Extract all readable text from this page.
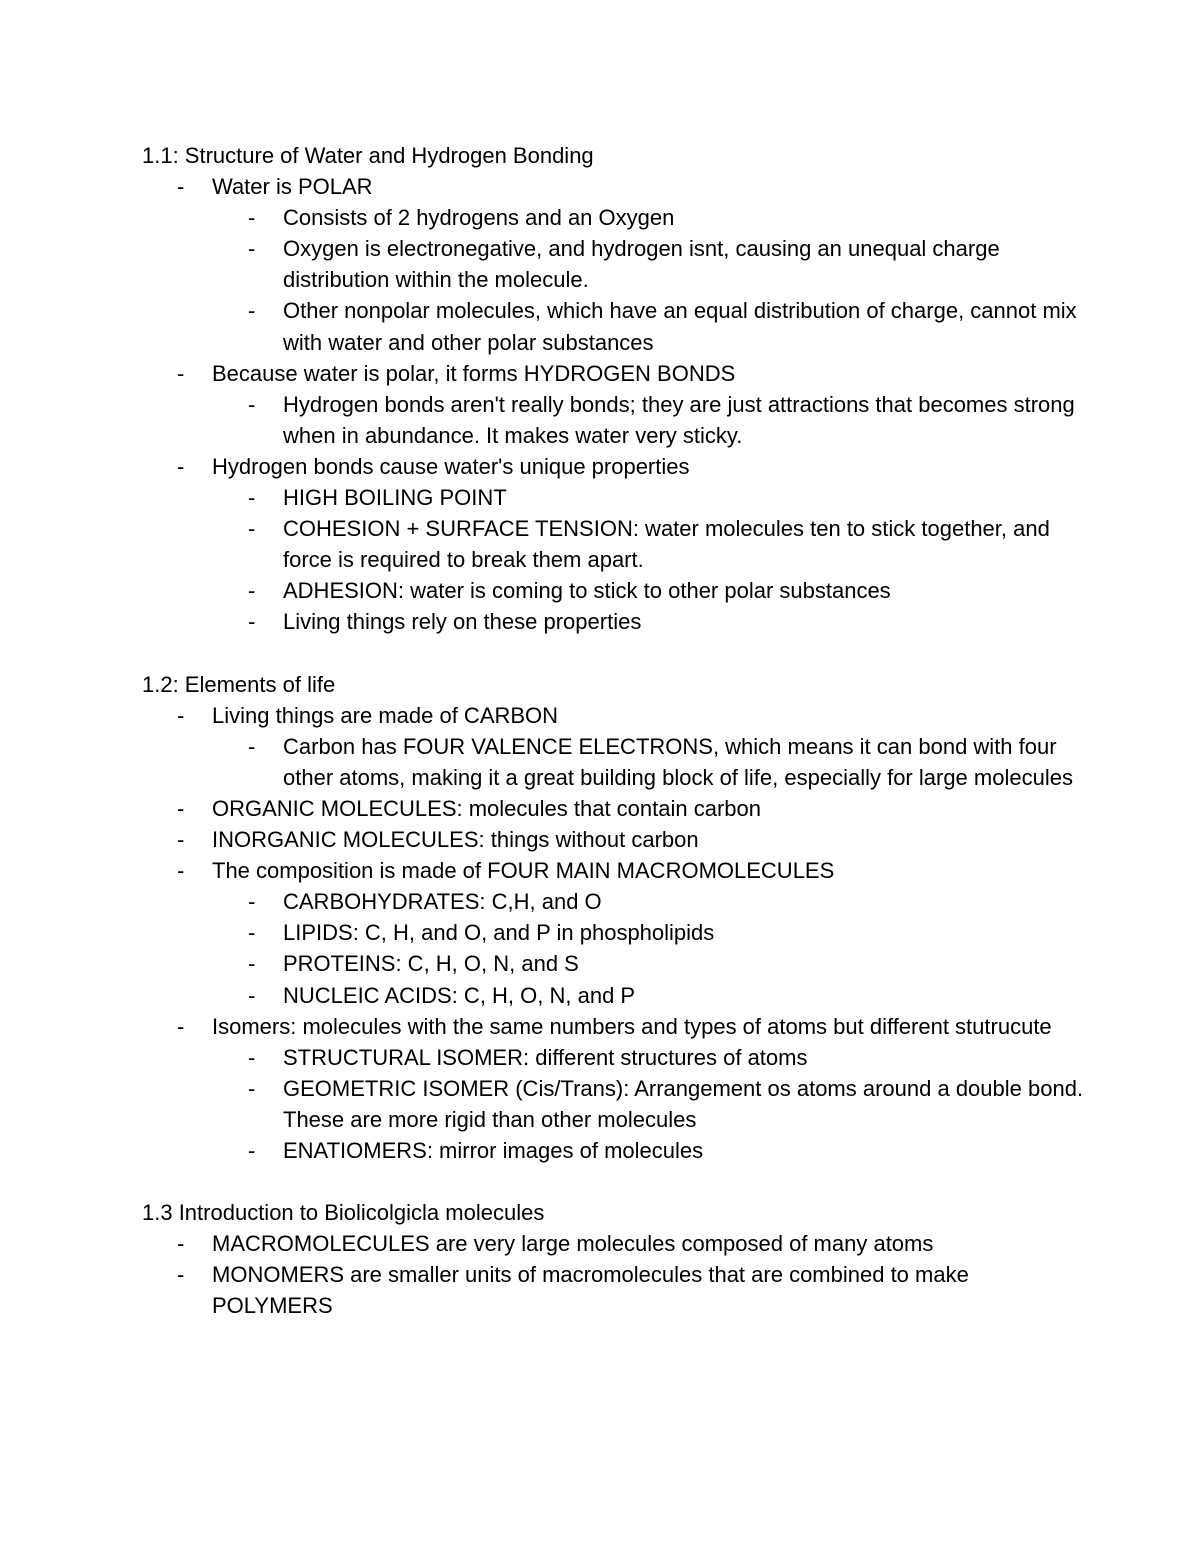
1.1: Structure of Water and Hydrogen Bonding
- Water is POLAR
- Consists of 2 hydrogens and an Oxygen
- Oxygen is electronegative, and hydrogen isnt, causing an unequal charge distribution within the molecule.
- Other nonpolar molecules, which have an equal distribution of charge, cannot mix with water and other polar substances
- Because water is polar, it forms HYDROGEN BONDS
- Hydrogen bonds aren't really bonds; they are just attractions that becomes strong when in abundance. It makes water very sticky.
- Hydrogen bonds cause water's unique properties
- HIGH BOILING POINT
- COHESION + SURFACE TENSION: water molecules ten to stick together, and force is required to break them apart.
- ADHESION: water is coming to stick to other polar substances
- Living things rely on these properties
1.2: Elements of life
- Living things are made of CARBON
- Carbon has FOUR VALENCE ELECTRONS, which means it can bond with four other atoms, making it a great building block of life, especially for large molecules
- ORGANIC MOLECULES: molecules that contain carbon
- INORGANIC MOLECULES: things without carbon
- The composition is made of FOUR MAIN MACROMOLECULES
- CARBOHYDRATES: C,H, and O
- LIPIDS: C, H, and O, and P in phospholipids
- PROTEINS: C, H, O, N, and S
- NUCLEIC ACIDS: C, H, O, N, and P
- Isomers: molecules with the same numbers and types of atoms but different stutrucute
- STRUCTURAL ISOMER: different structures of atoms
- GEOMETRIC ISOMER (Cis/Trans): Arrangement os atoms around a double bond. These are more rigid than other molecules
- ENATIOMERS: mirror images of molecules
1.3 Introduction to Biolicolgicla molecules
- MACROMOLECULES are very large molecules composed of many atoms
- MONOMERS are smaller units of macromolecules that are combined to make POLYMERS
